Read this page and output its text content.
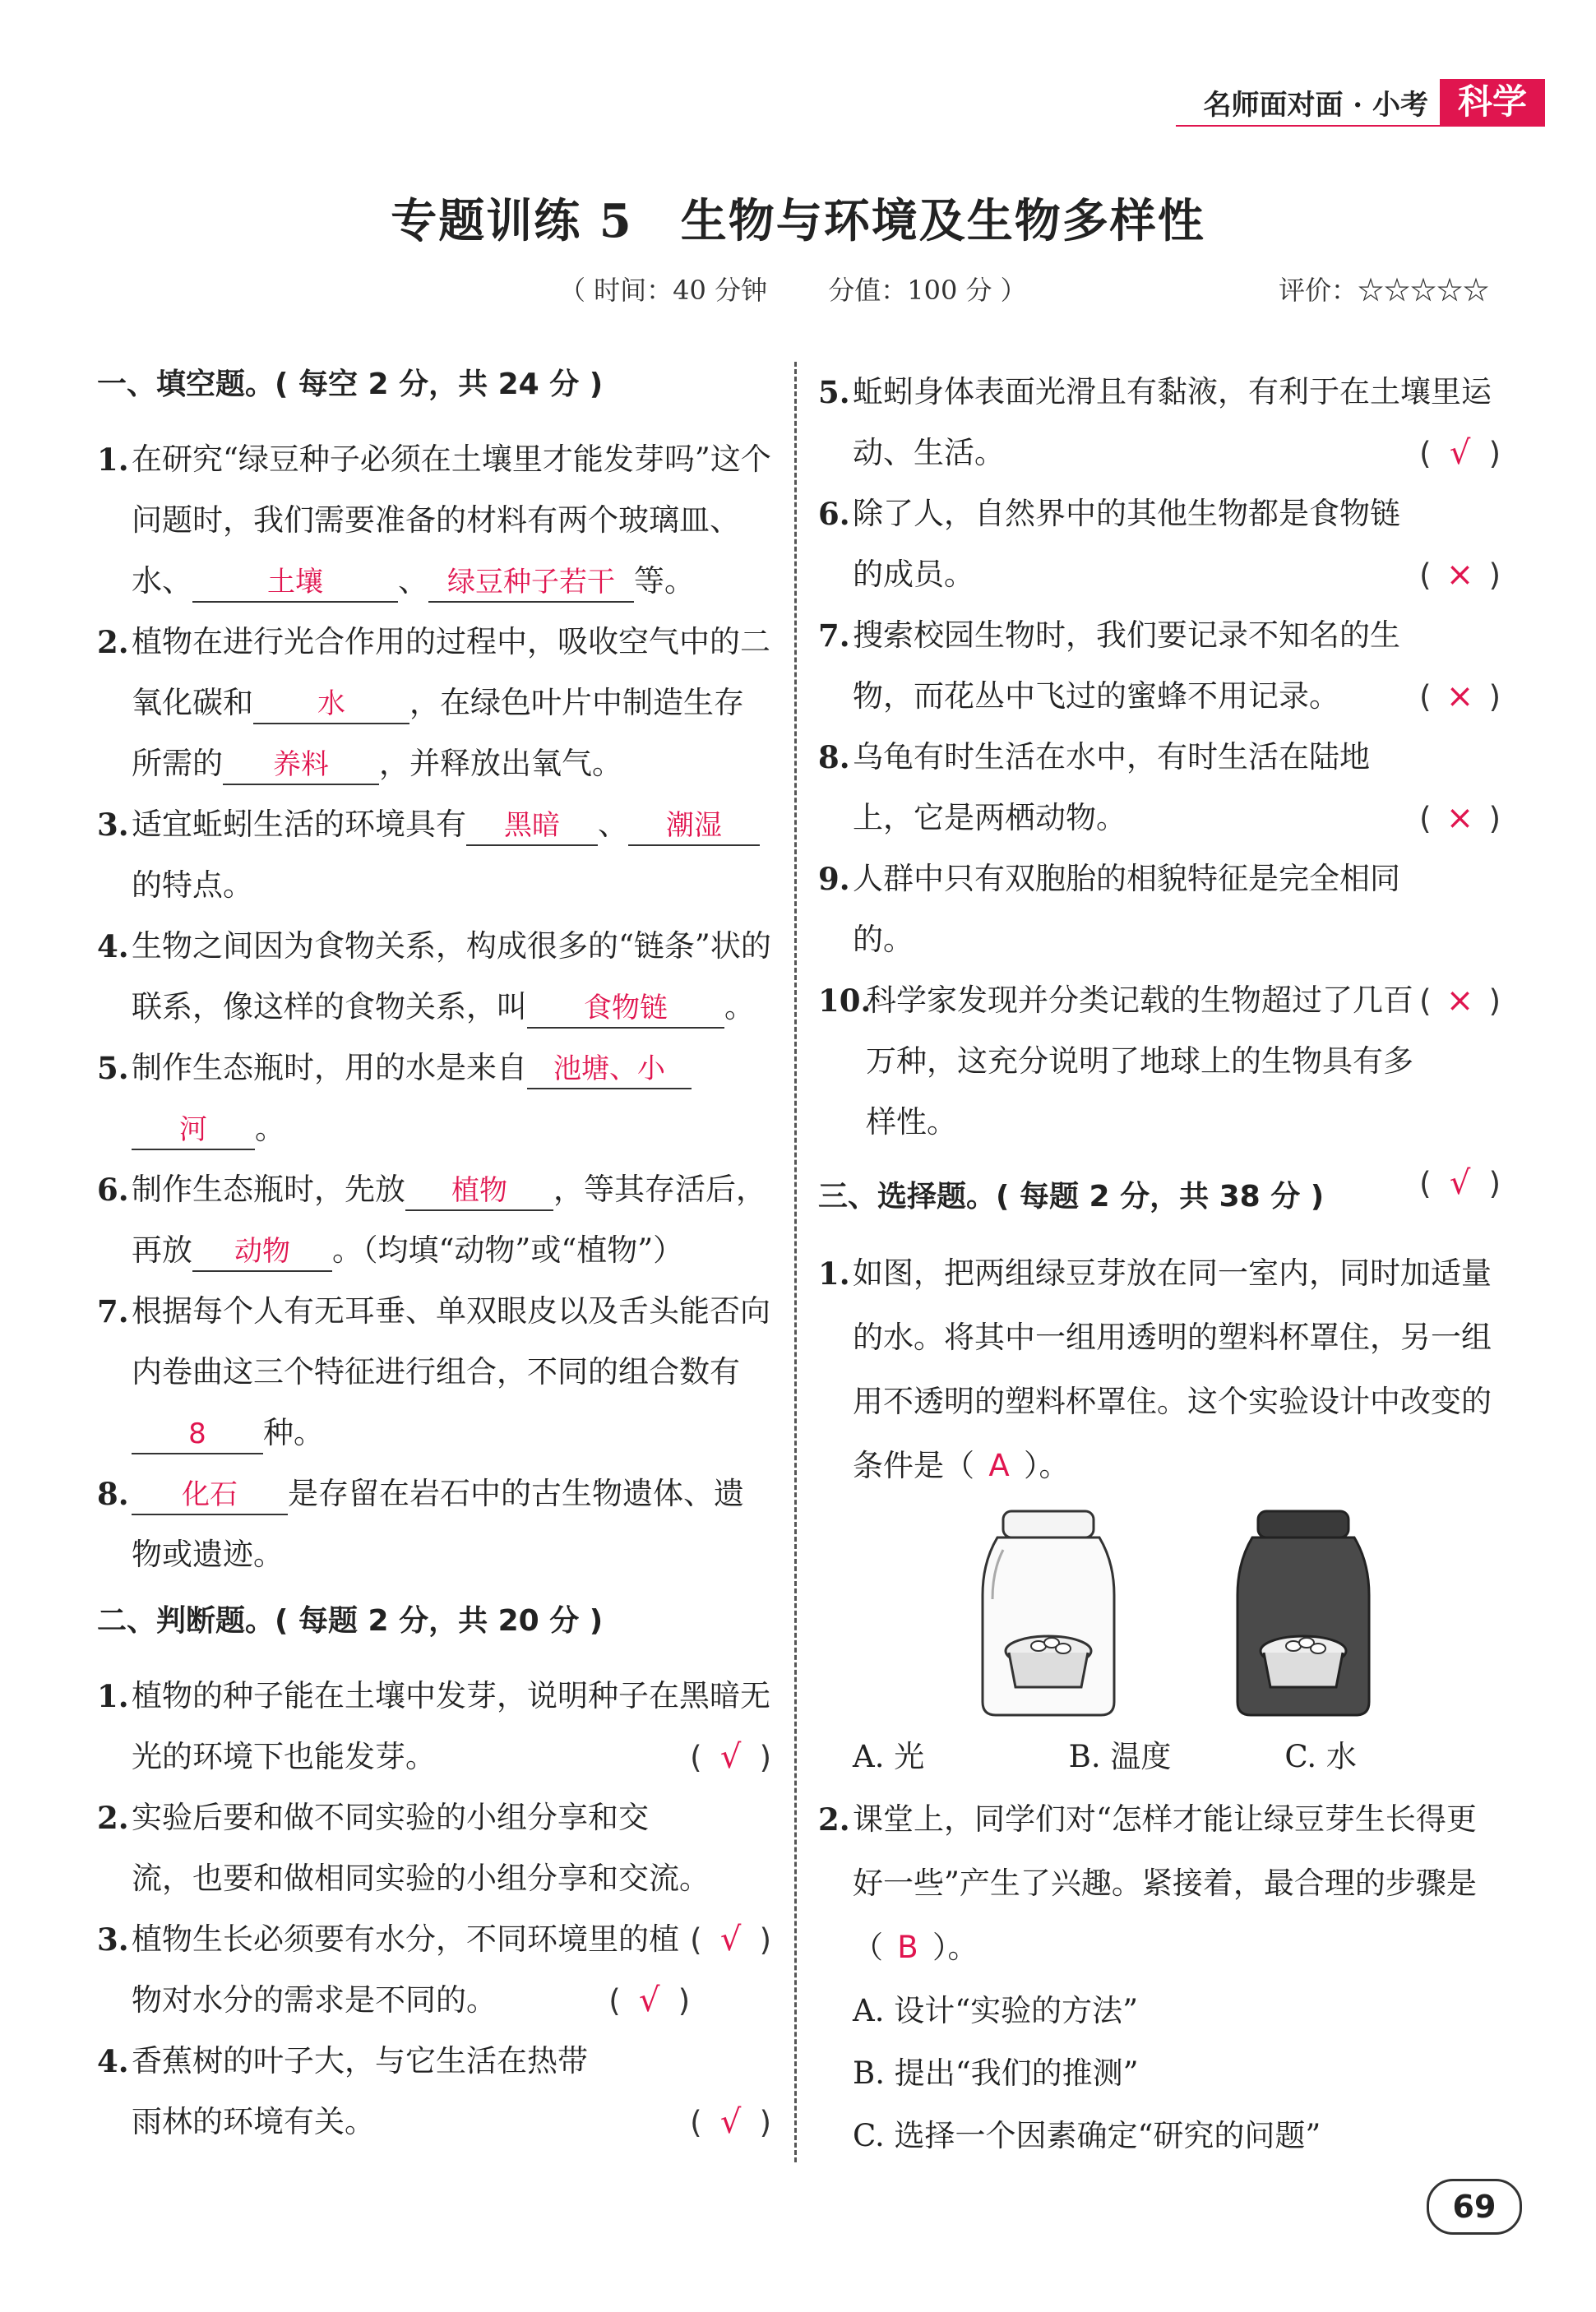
名师面对面 · 小考 科学
专题训练 5　生物与环境及生物多样性
（ 时间：40 分钟 分值：100 分 ）	评价：☆☆☆☆☆
一、填空题。( 每空 2 分，共 24 分 )

1. 在研究“绿豆种子必须在土壤里才能发芽吗”这个问题时，我们需要准备的材料有两个玻璃皿、水、	土壤 、 绿豆种子若干 等。

2. 植物在进行光合作用的过程中，吸收空气中的二氧化碳和 水 ，在绿色叶片中制造生存所需的 养料 ，并释放出氧气。

3. 适宜蚯蚓生活的环境具有 黑暗 、 潮湿的特点。

4. 生物之间因为食物关系，构成很多的“链条”状的联系，像这样的食物关系，叫 食物链 。

5. 制作生态瓶时，用的水是来自 池塘、小
河 。

6. 制作生态瓶时，先放 植物 ，等其存活后，再放 动物 。（均填“动物”或“植物”）

7. 根据每个人有无耳垂、单双眼皮以及舌头能否向内卷曲这三个特征进行组合，不同的组合数有8 种。

8. 化石 是存留在岩石中的古生物遗体、遗物或遗迹。

二、判断题。( 每题 2 分，共 20 分 )

1. 植物的种子能在土壤中发芽，说明种子在黑暗无光的环境下也能发芽。	( √ )

2. 实验后要和做不同实验的小组分享和交流，也要和做相同实验的小组分享和交流。
( √ )

3. 植物生长必须要有水分，不同环境里的植物对水分的需求是不同的。	( √ )

4. 香蕉树的叶子大，与它生活在热带雨林的环境有关。	( √ )

5. 蚯蚓身体表面光滑且有黏液，有利于在土壤里运动、生活。	( √ )

6. 除了人，自然界中的其他生物都是食物链的成员。	( × )

7. 搜索校园生物时，我们要记录不知名的生物，而花丛中飞过的蜜蜂不用记录。	( × )

8. 乌龟有时生活在水中，有时生活在陆地上，它是两栖动物。	( × )

9. 人群中只有双胞胎的相貌特征是完全相同的。

( × )

10.
科学家发现并分类记载的生物超过了几百万种，这充分说明了地球上的生物具有多样性。

( √ )

三、选择题。( 每题 2 分，共 38 分 )

1. 如图，把两组绿豆芽放在同一室内，同时加适量的水。将其中一组用透明的塑料杯罩住，另一组用不透明的塑料杯罩住。这个实验设计中改变的条件是（ A ）。

A. 光	B. 温度	C. 水

2. 课堂上，同学们对“怎样才能让绿豆芽生长得更好一些”产生了兴趣。紧接着，最合理的步骤是（ B ）。

A. 设计“实验的方法”
B. 提出“我们的推测”
C. 选择一个因素确定“研究的问题”
69
